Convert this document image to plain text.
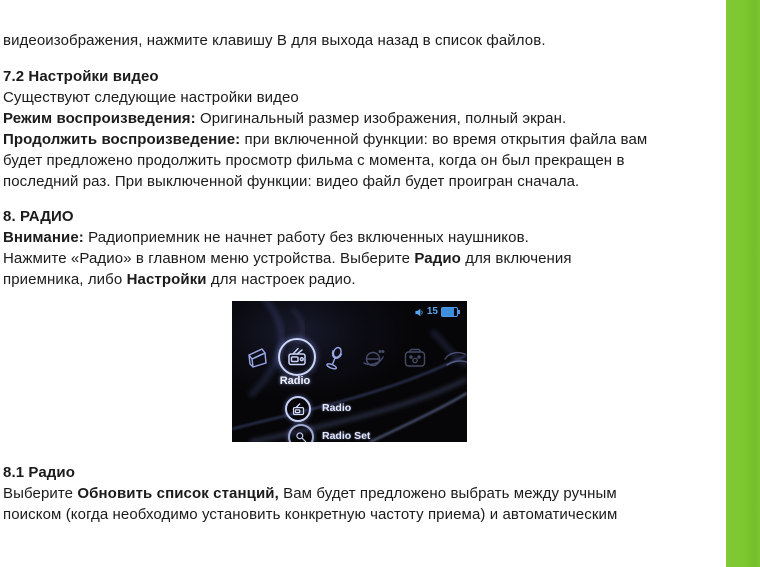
видеоизображения, нажмите клавишу B для выхода назад в список файлов.
7.2 Настройки видео
Существуют следующие настройки видео
Режим воспроизведения: Оригинальный размер изображения, полный экран.
Продолжить воспроизведение: при включенной функции: во время открытия файла вам
будет предложено продолжить просмотр фильма с момента, когда он был прекращен в
последний раз. При выключенной функции: видео файл будет проигран сначала.
8. РАДИО
Внимание: Радиоприемник не начнет работу без включенных наушников.
Нажмите «Радио» в главном меню устройства. Выберите Радио для включения
приемника, либо Настройки для настроек радио.
15
Radio
Radio
Radio Set
8.1 Радио
Выберите Обновить список станций, Вам будет предложено выбрать между ручным
поиском (когда необходимо установить конкретную частоту приема) и автоматическим
